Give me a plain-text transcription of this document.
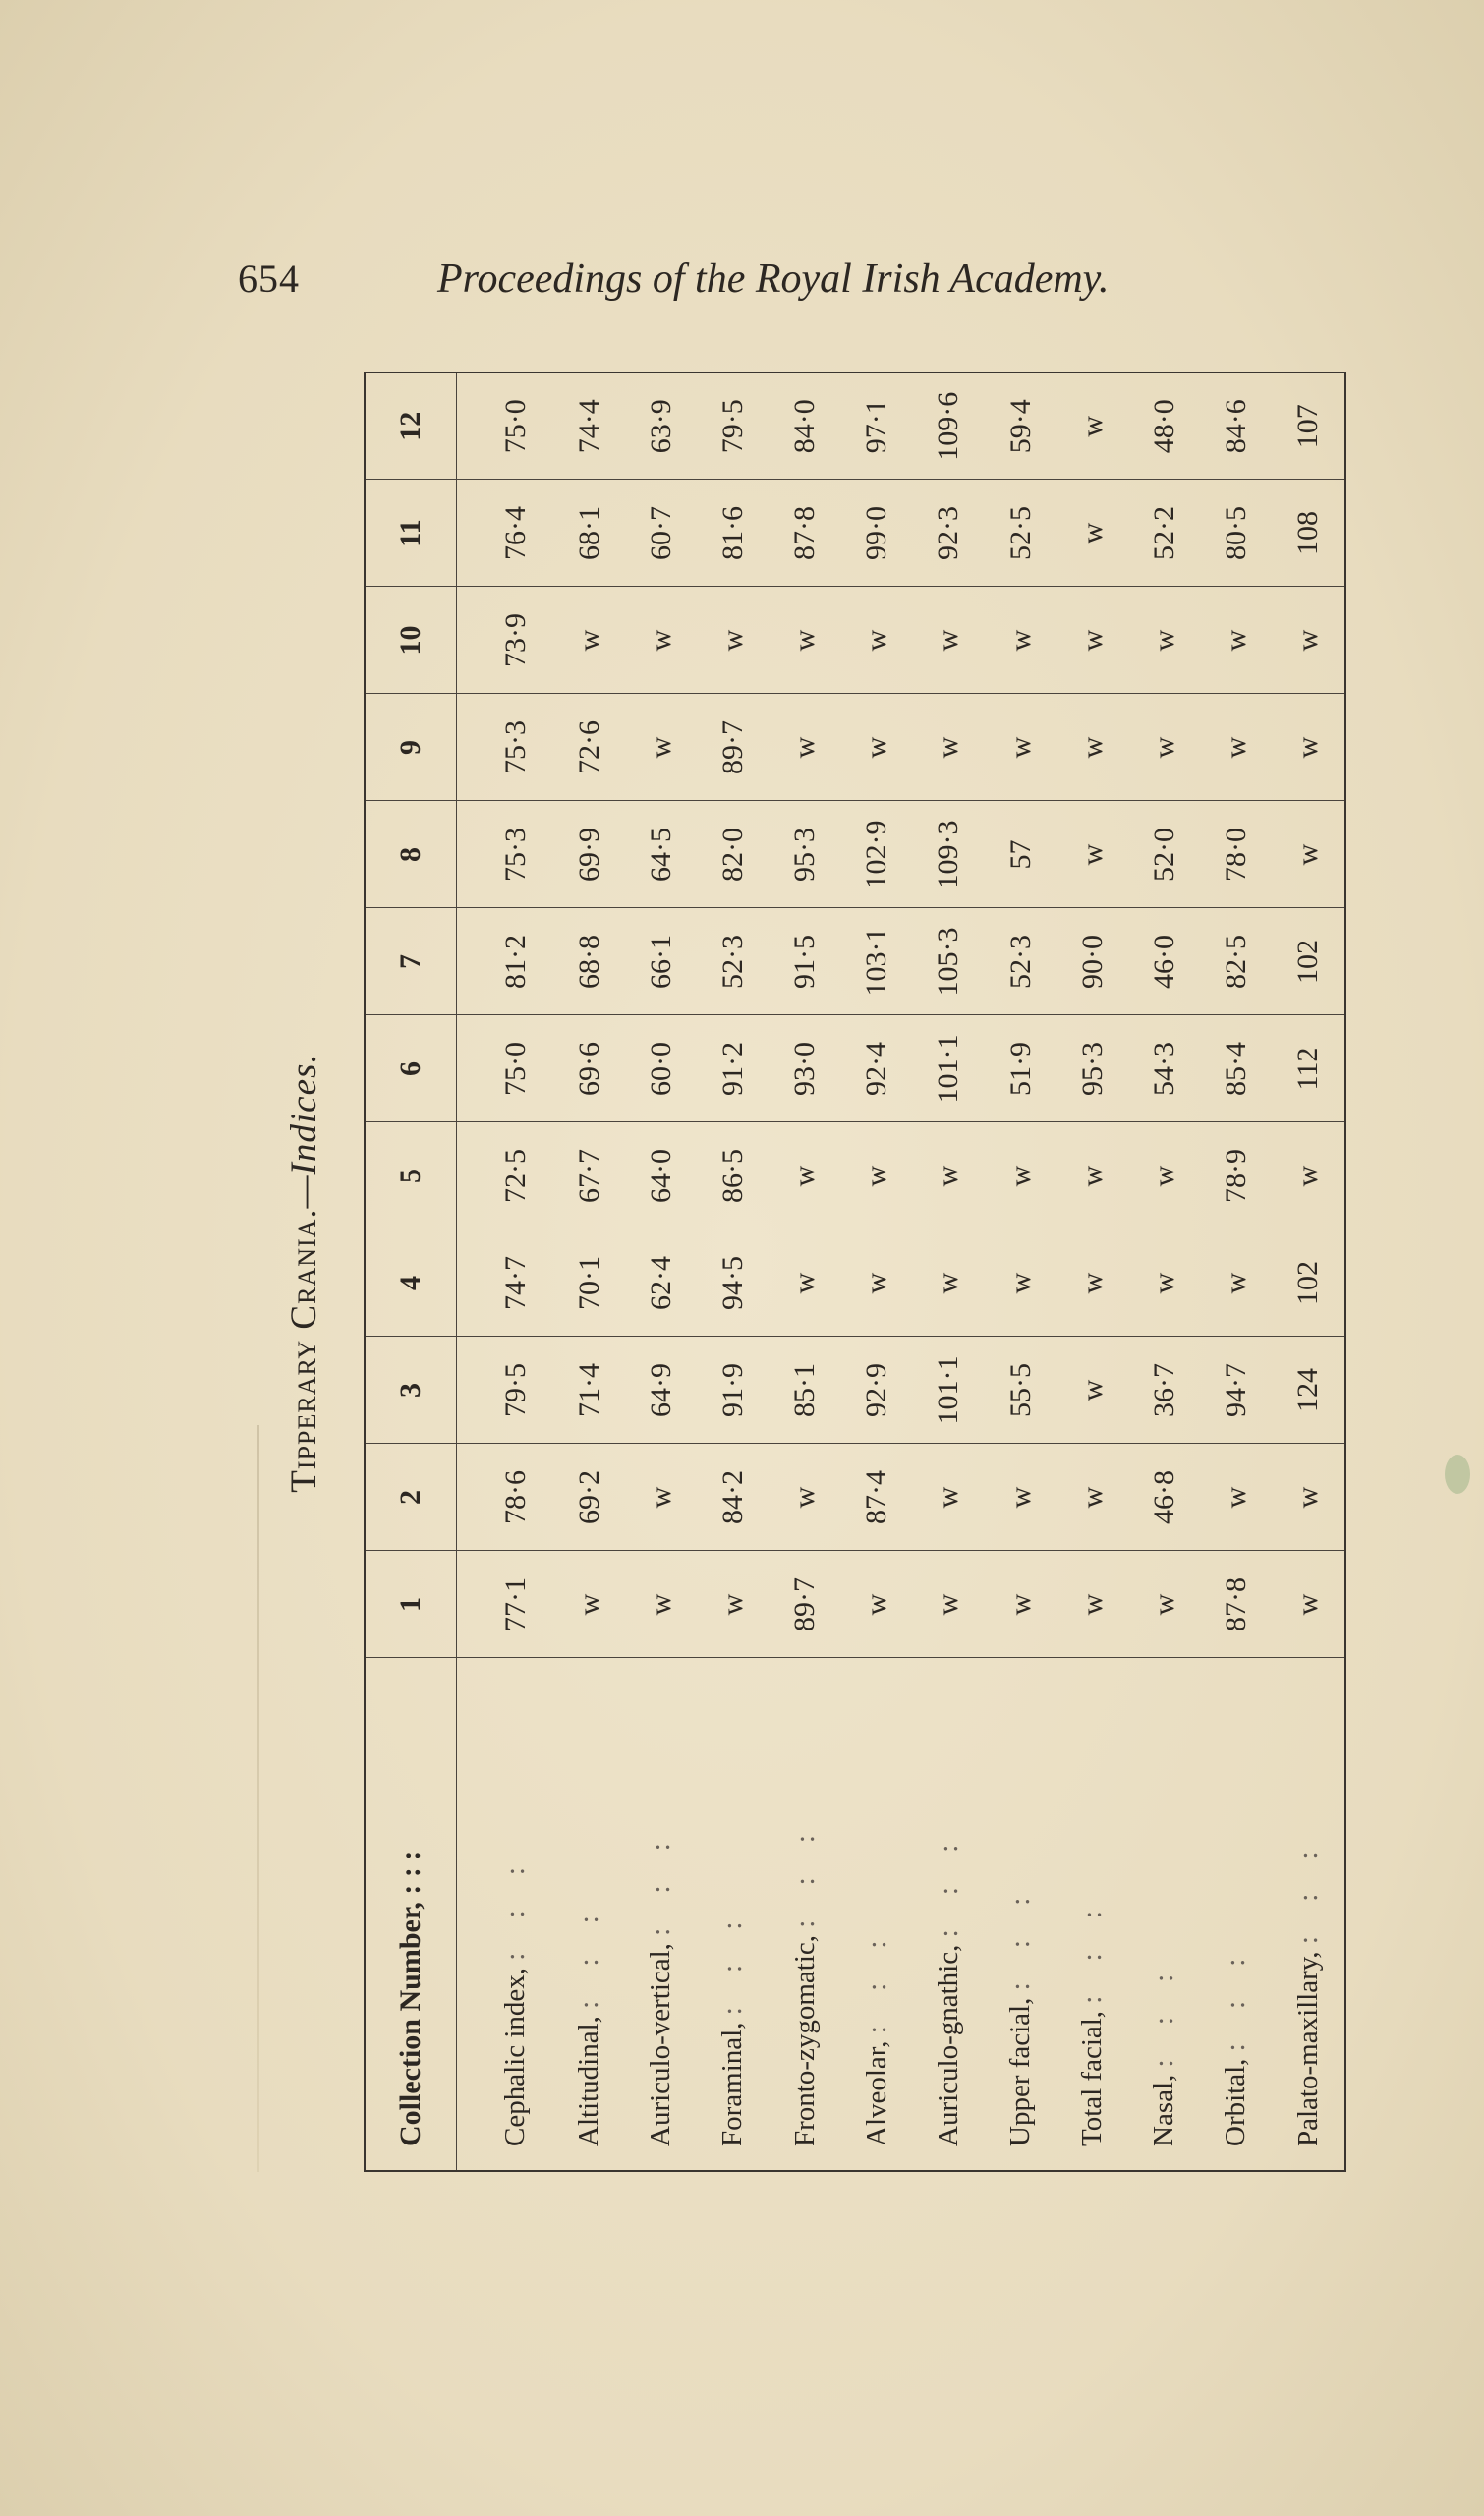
654	Proceedings of the Royal Irish Academy.
Tipperary Crania.—Indices.
Collection Number, : : :	1	2	3	4	5	6	7	8	9	10	11	12
Cephalic index, : : :	77·1	78·6	79·5	74·7	72·5	75·0	81·2	75·3	75·3	73·9	76·4	75·0
Altitudinal, : : :	w	69·2	71·4	70·1	67·7	69·6	68·8	69·9	72·6	w	68·1	74·4
Auriculo-vertical, : : :	w	w	64·9	62·4	64·0	60·0	66·1	64·5	w	w	60·7	63·9
Foraminal, : : :	w	84·2	91·9	94·5	86·5	91·2	52·3	82·0	89·7	w	81·6	79·5
Fronto-zygomatic, : : :	89·7	w	85·1	w	w	93·0	91·5	95·3	w	w	87·8	84·0
Alveolar, : : :	w	87·4	92·9	w	w	92·4	103·1	102·9	w	w	99·0	97·1
Auriculo-gnathic, : : :	w	w	101·1	w	w	101·1	105·3	109·3	w	w	92·3	109·6
Upper facial, : : :	w	w	55·5	w	w	51·9	52·3	57	w	w	52·5	59·4
Total facial, : : :	w	w	w	w	w	95·3	90·0	w	w	w	w	w
Nasal, : : :	w	46·8	36·7	w	w	54·3	46·0	52·0	w	w	52·2	48·0
Orbital, : : :	87·8	w	94·7	w	78·9	85·4	82·5	78·0	w	w	80·5	84·6
Palato-maxillary, : : :	w	w	124	102	w	112	102	w	w	w	108	107
